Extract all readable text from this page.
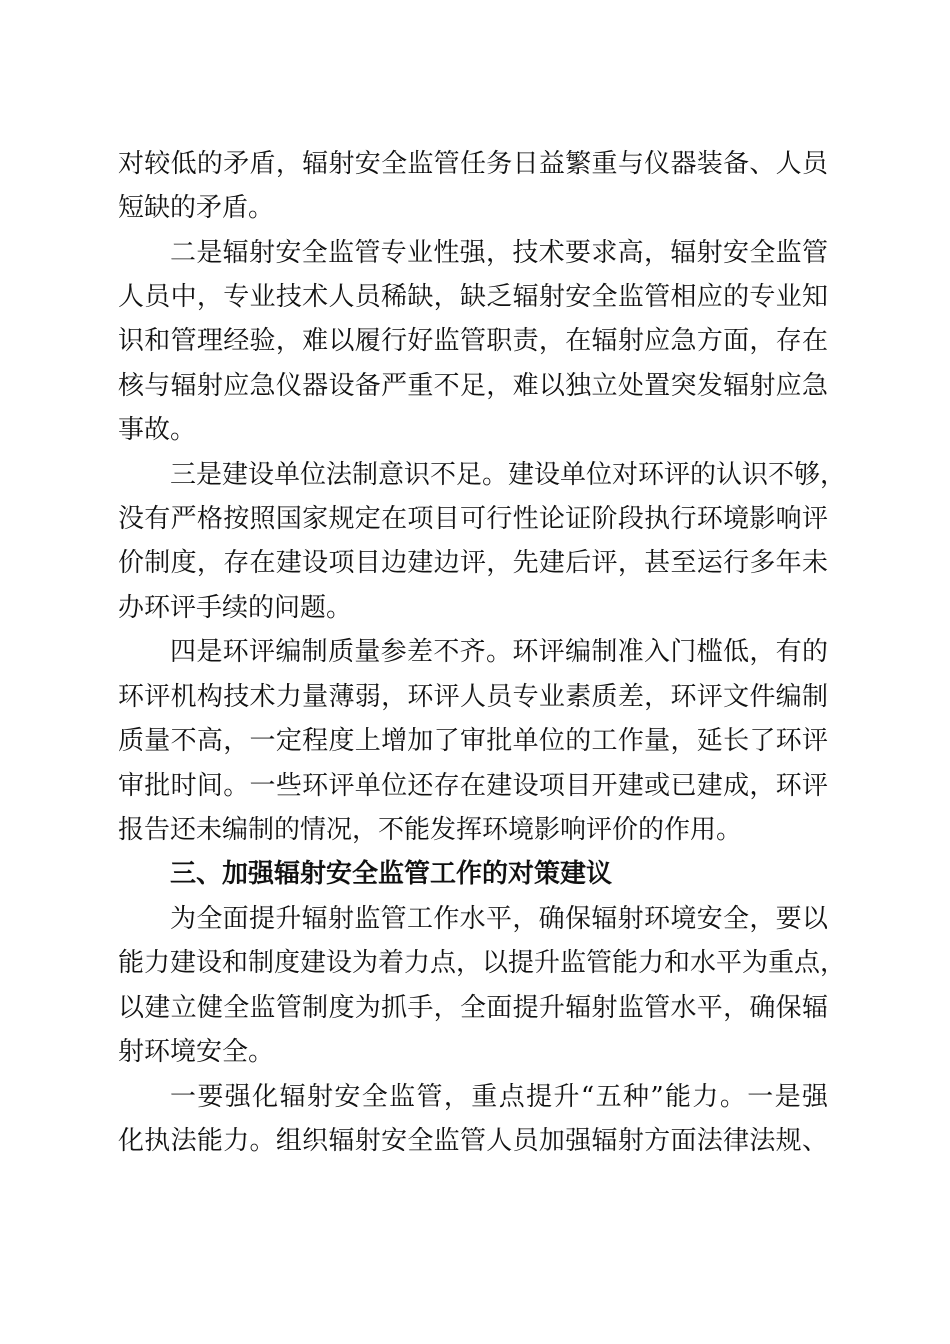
对较低的矛盾，辐射安全监管任务日益繁重与仪器装备、人员
短缺的矛盾。
二是辐射安全监管专业性强，技术要求高，辐射安全监管
人员中，专业技术人员稀缺，缺乏辐射安全监管相应的专业知
识和管理经验，难以履行好监管职责，在辐射应急方面，存在
核与辐射应急仪器设备严重不足，难以独立处置突发辐射应急
事故。
三是建设单位法制意识不足。建设单位对环评的认识不够，
没有严格按照国家规定在项目可行性论证阶段执行环境影响评
价制度，存在建设项目边建边评，先建后评，甚至运行多年未
办环评手续的问题。
四是环评编制质量参差不齐。环评编制准入门槛低，有的
环评机构技术力量薄弱，环评人员专业素质差，环评文件编制
质量不高，一定程度上增加了审批单位的工作量，延长了环评
审批时间。一些环评单位还存在建设项目开建或已建成，环评
报告还未编制的情况，不能发挥环境影响评价的作用。
三、加强辐射安全监管工作的对策建议
为全面提升辐射监管工作水平，确保辐射环境安全，要以
能力建设和制度建设为着力点，以提升监管能力和水平为重点，
以建立健全监管制度为抓手，全面提升辐射监管水平，确保辐
射环境安全。
一要强化辐射安全监管，重点提升“五种”能力。一是强
化执法能力。组织辐射安全监管人员加强辐射方面法律法规、
